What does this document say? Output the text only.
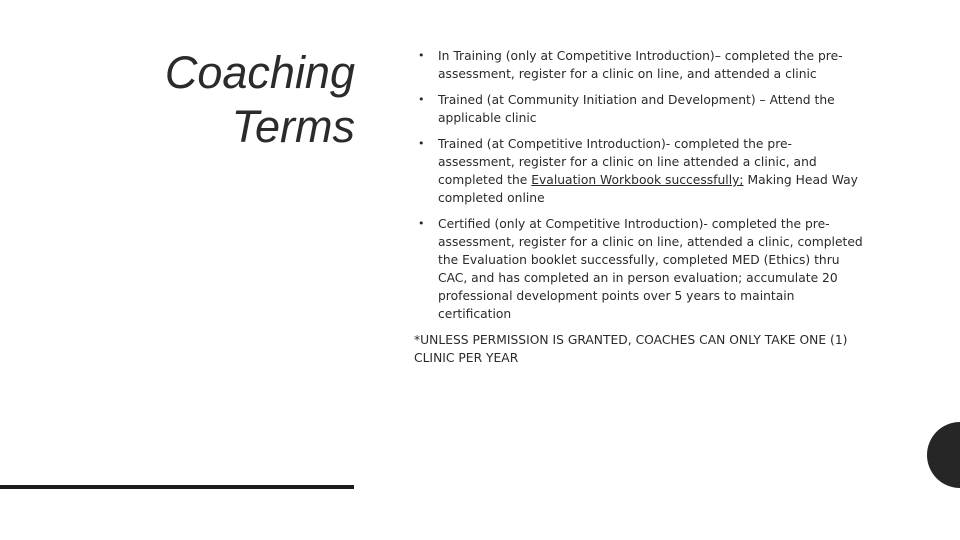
Coaching
Terms
• In Training (only at Competitive Introduction)– completed the pre-assessment, register for a clinic on line, and attended a clinic
• Trained (at Community Initiation and Development) – Attend the applicable clinic
• Trained (at Competitive Introduction)- completed the pre-assessment, register for a clinic on line attended a clinic, and completed the Evaluation Workbook successfully; Making Head Way completed online
• Certified (only at Competitive Introduction)- completed the pre-assessment, register for a clinic on line, attended a clinic, completed the Evaluation booklet successfully, completed MED (Ethics) thru CAC, and has completed an in person evaluation; accumulate 20 professional development points over 5 years to maintain certification
*UNLESS PERMISSION IS GRANTED, COACHES CAN ONLY TAKE ONE (1) CLINIC PER YEAR
